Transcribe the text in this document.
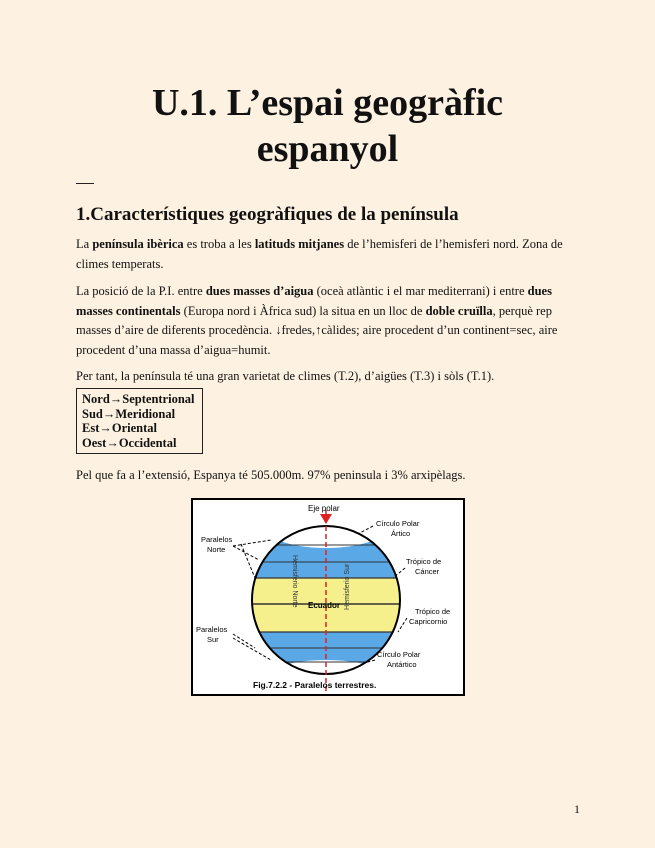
U.1. L’espai geogràfic
espanyol
1.Característiques geogràfiques de la península
La península ibèrica es troba a les latituds mitjanes de l’hemisferi de l’hemisferi nord. Zona de climes temperats.
La posició de la P.I. entre dues masses d’aigua (oceà atlàntic i el mar mediterrani) i entre dues masses continentals (Europa nord i Àfrica sud) la situa en un lloc de doble cruïlla, perquè rep masses d’aire de diferents procedència. ↓fredes,↑càlides; aire procedent d’un continent=sec, aire procedent d’una massa d’aigua=humit.
Per tant, la península té una gran varietat de climes (T.2), d’aigües (T.3) i sòls (T.1).
Nord→Septentrional
Sud→Meridional
Est→Oriental
Oest→Occidental
Pel que fa a l’extensió, Espanya té 505.000m. 97% peninsula i 3% arxipèlags.
Eje polar
Círculo Polar
Ártico
Paralelos
Norte
Trópico de
Cáncer
Ecuador
Trópico de
Capricornio
Paralelos
Sur
Círculo Polar
Antártico
Hemisferio Norte	Hemisferio Sur
Fig.7.2.2 - Paralelos terrestres.
1
